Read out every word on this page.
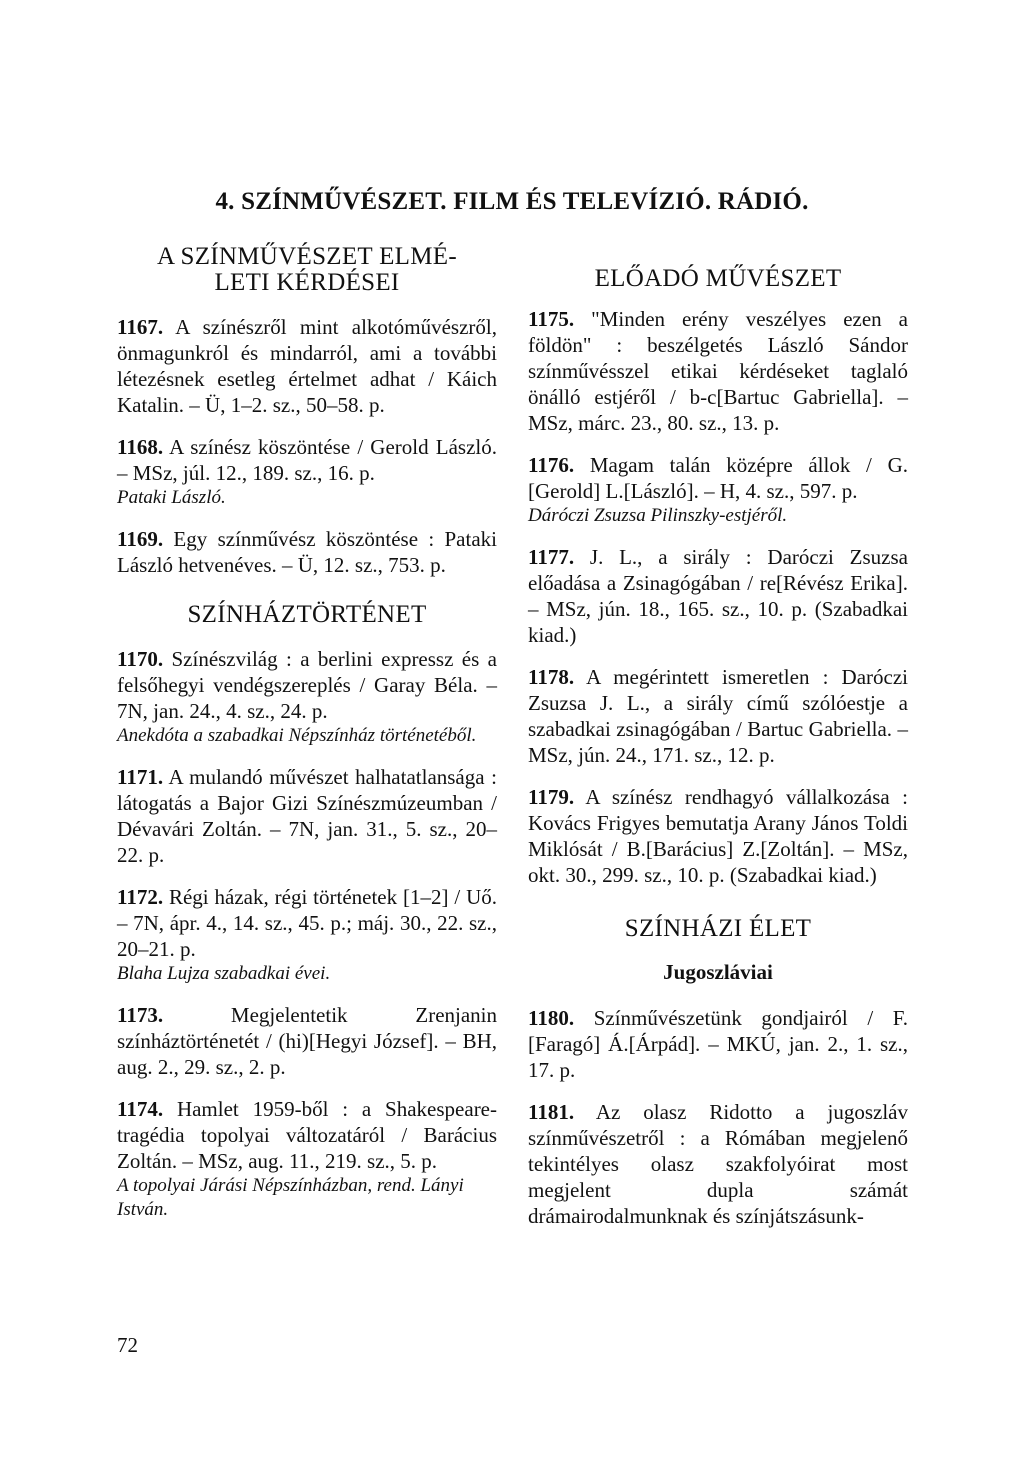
4. SZÍNMŰVÉSZET. FILM ÉS TELEVÍZIÓ. RÁDIÓ.
A SZÍNMŰVÉSZET ELMÉ-
LETI KÉRDÉSEI
1167. A színészről mint alkotóművészről, önmagunkról és mindarról, ami a további létezésnek esetleg értelmet adhat / Káich Katalin. – Ü, 1–2. sz., 50–58. p.
1168. A színész köszöntése / Gerold László. – MSz, júl. 12., 189. sz., 16. p.
Pataki László.
1169. Egy színművész köszöntése : Pataki László hetvenéves. – Ü, 12. sz., 753. p.
SZÍNHÁZTÖRTÉNET
1170. Színészvilág : a berlini expressz és a felsőhegyi vendégszereplés / Garay Béla. – 7N, jan. 24., 4. sz., 24. p.
Anekdóta a szabadkai Népszínház történetéből.
1171. A mulandó művészet halhatatlansága : látogatás a Bajor Gizi Színészmúzeumban / Dévavári Zoltán. – 7N, jan. 31., 5. sz., 20–22. p.
1172. Régi házak, régi történetek [1–2] / Uő. – 7N, ápr. 4., 14. sz., 45. p.; máj. 30., 22. sz., 20–21. p.
Blaha Lujza szabadkai évei.
1173.	Megjelentetik Zrenjanin színháztörténetét / (hi)[Hegyi József]. – BH, aug. 2., 29. sz., 2. p.
1174. Hamlet 1959-ből : a Shakespeare-tragédia topolyai változatáról / Barácius Zoltán. – MSz, aug. 11., 219. sz., 5. p.
A topolyai Járási Népszínházban, rend. Lányi István.
ELŐADÓ MŰVÉSZET
1175. "Minden erény veszélyes ezen a földön" : beszélgetés László Sándor színművésszel etikai kérdéseket taglaló önálló estjéről / b-c[Bartuc Gabriella]. – MSz, márc. 23., 80. sz., 13. p.
1176. Magam talán középre állok / G.[Gerold] L.[László]. – H, 4. sz., 597. p.
Dáróczi Zsuzsa Pilinszky-estjéről.
1177. J. L., a sirály : Daróczi Zsuzsa előadása a Zsinagógában / re[Révész Erika]. – MSz, jún. 18., 165. sz., 10. p. (Szabadkai kiad.)
1178. A megérintett ismeretlen : Daróczi Zsuzsa J. L., a sirály című szólóestje a szabadkai zsinagógában / Bartuc Gabriella. – MSz, jún. 24., 171. sz., 12. p.
1179. A színész rendhagyó vállalkozása : Kovács Frigyes bemutatja Arany János Toldi Miklósát / B.[Barácius] Z.[Zoltán]. – MSz, okt. 30., 299. sz., 10. p. (Szabadkai kiad.)
SZÍNHÁZI ÉLET
Jugoszláviai
1180. Színművészetünk gondjairól / F.[Faragó] Á.[Árpád]. – MKÚ, jan. 2., 1. sz., 17. p.
1181. Az olasz Ridotto a jugoszláv színművészetről : a Rómában megjelenő tekintélyes olasz szakfolyóirat most megjelent dupla számát drámairodalmunknak és színjátszásunk-
72
